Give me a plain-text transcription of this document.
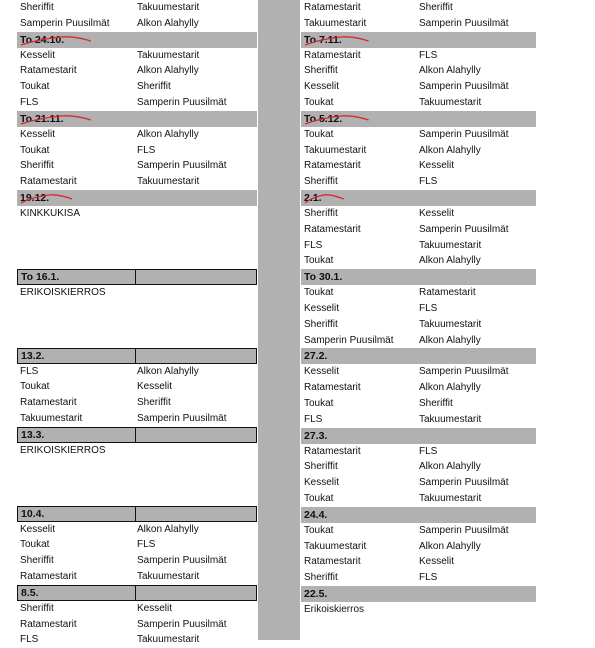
Sheriffit	Takuumestarit
Samperin Puusilmät	Alkon Alahylly
To 24.10.
Kesselit	Takuumestarit
Ratamestarit	Alkon Alahylly
Toukat	Sheriffit
FLS	Samperin Puusilmät
To 21.11.
Kesselit	Alkon Alahylly
Toukat	FLS
Sheriffit	Samperin Puusilmät
Ratamestarit	Takuumestarit
19.12.
KINKKUKISA
To 16.1.
ERIKOISKIERROS
13.2.
FLS	Alkon Alahylly
Toukat	Kesselit
Ratamestarit	Sheriffit
Takuumestarit	Samperin Puusilmät
13.3.
ERIKOISKIERROS
10.4.
Kesselit	Alkon Alahylly
Toukat	FLS
Sheriffit	Samperin Puusilmät
Ratamestarit	Takuumestarit
8.5.
Sheriffit	Kesselit
Ratamestarit	Samperin Puusilmät
FLS	Takuumestarit
Ratamestarit	Sheriffit
Takuumestarit	Samperin Puusilmät
To 7.11.
Ratamestarit	FLS
Sheriffit	Alkon Alahylly
Kesselit	Samperin Puusilmät
Toukat	Takuumestarit
To 5.12.
Toukat	Samperin Puusilmät
Takuumestarit	Alkon Alahylly
Ratamestarit	Kesselit
Sheriffit	FLS
2.1.
Sheriffit	Kesselit
Ratamestarit	Samperin Puusilmät
FLS	Takuumestarit
Toukat	Alkon Alahylly
To 30.1.
Toukat	Ratamestarit
Kesselit	FLS
Sheriffit	Takuumestarit
Samperin Puusilmät	Alkon Alahylly
27.2.
Kesselit	Samperin Puusilmät
Ratamestarit	Alkon Alahylly
Toukat	Sheriffit
FLS	Takuumestarit
27.3.
Ratamestarit	FLS
Sheriffit	Alkon Alahylly
Kesselit	Samperin Puusilmät
Toukat	Takuumestarit
24.4.
Toukat	Samperin Puusilmät
Takuumestarit	Alkon Alahylly
Ratamestarit	Kesselit
Sheriffit	FLS
22.5.
Erikoiskierros
